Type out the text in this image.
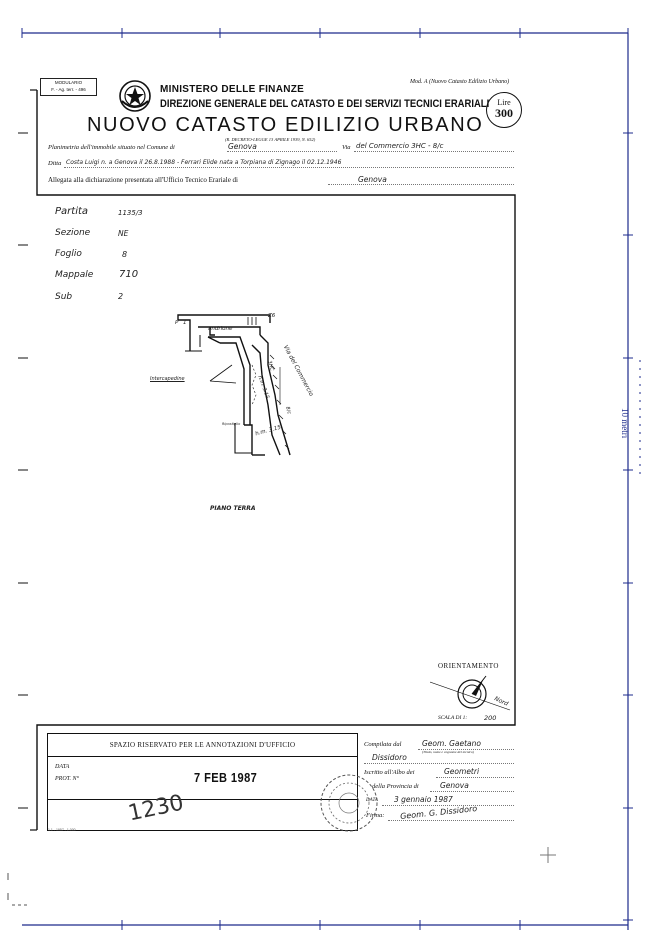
10 metri
MODULARIO
F. - Ag. terr. - 496	MINISTERO DELLE FINANZE
Mod. A (Nuovo Catasto Edilizio Urbano)
DIREZIONE GENERALE DEL CATASTO E DEI SERVIZI TECNICI ERARIALI
NUOVO CATASTO EDILIZIO URBANO
(R. DECRETO-LEGGE 13 APRILE 1939, N. 652)
Lire
300
Planimetria dell'immobile situato nel Comune di	Genova	Via del Commercio 3HC - 8/c
Ditta Costa Luigi n. a Genova il 26.8.1988 - Ferrari Elide nata a Torpiana di Zignago il 02.12.1946
Allegata alla dichiarazione presentata all'Ufficio Tecnico Erariale di	Genova
Partita	1135/3
Sezione	NE
Foglio	8
Mappale	710
Sub	2
P 1
andrione
Z6
Via del Commercio
Intercapedine
3HC
8/c
h.m. 3.15
h.m. 3.15
Ripostiglio
PIANO TERRA
ORIENTAMENTO
Nord
SCALA DI 1:	200
SPAZIO RISERVATO PER LE ANNOTAZIONI D'UFFICIO
DATA
PROT. N°	7 FEB 1987
1230
1.1 - 1957 - 1.000
Compilata dal	Geom. Gaetano
(Titolo, nome e cognome del tecnico)
Dissidoro
Iscritto all'Albo dei	Geometri
della Provincia di	Genova
DATA 3 gennaio 1987
Firma: Geom. G. Dissidoro
